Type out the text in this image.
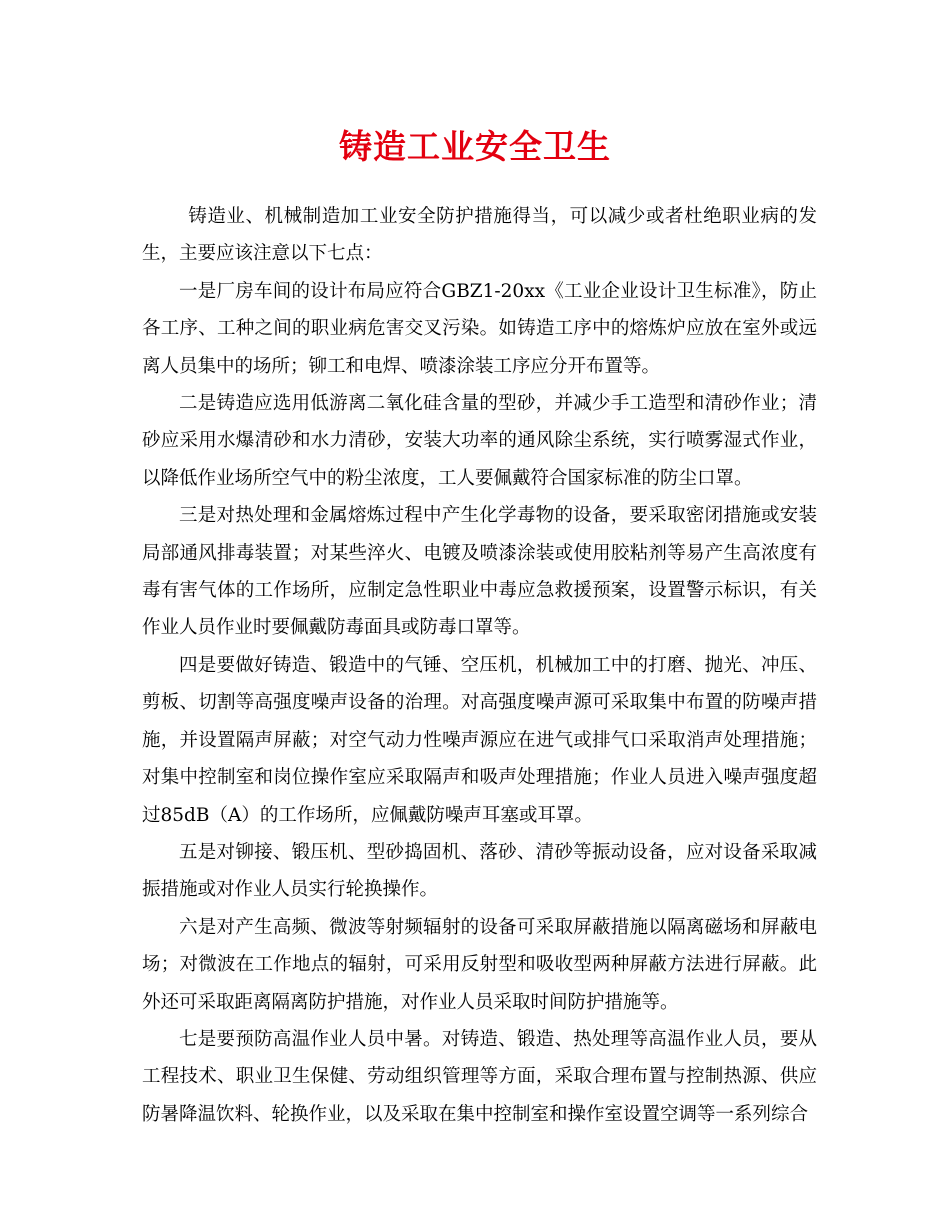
铸造工业安全卫生

铸造业、机械制造加工业安全防护措施得当，可以减少或者杜绝职业病的发生，主要应该注意以下七点：

一是厂房车间的设计布局应符合GBZ1-20xx《工业企业设计卫生标准》，防止各工序、工种之间的职业病危害交叉污染。如铸造工序中的熔炼炉应放在室外或远离人员集中的场所；铆工和电焊、喷漆涂装工序应分开布置等。

二是铸造应选用低游离二氧化硅含量的型砂，并减少手工造型和清砂作业；清砂应采用水爆清砂和水力清砂，安装大功率的通风除尘系统，实行喷雾湿式作业，以降低作业场所空气中的粉尘浓度，工人要佩戴符合国家标准的防尘口罩。

三是对热处理和金属熔炼过程中产生化学毒物的设备，要采取密闭措施或安装局部通风排毒装置；对某些淬火、电镀及喷漆涂装或使用胶粘剂等易产生高浓度有毒有害气体的工作场所，应制定急性职业中毒应急救援预案，设置警示标识，有关作业人员作业时要佩戴防毒面具或防毒口罩等。

四是要做好铸造、锻造中的气锤、空压机，机械加工中的打磨、抛光、冲压、剪板、切割等高强度噪声设备的治理。对高强度噪声源可采取集中布置的防噪声措施，并设置隔声屏蔽；对空气动力性噪声源应在进气或排气口采取消声处理措施；对集中控制室和岗位操作室应采取隔声和吸声处理措施；作业人员进入噪声强度超过85dB（A）的工作场所，应佩戴防噪声耳塞或耳罩。

五是对铆接、锻压机、型砂捣固机、落砂、清砂等振动设备，应对设备采取减振措施或对作业人员实行轮换操作。

六是对产生高频、微波等射频辐射的设备可采取屏蔽措施以隔离磁场和屏蔽电场；对微波在工作地点的辐射，可采用反射型和吸收型两种屏蔽方法进行屏蔽。此外还可采取距离隔离防护措施，对作业人员采取时间防护措施等。

七是要预防高温作业人员中暑。对铸造、锻造、热处理等高温作业人员，要从工程技术、职业卫生保健、劳动组织管理等方面，采取合理布置与控制热源、供应防暑降温饮料、轮换作业，以及采取在集中控制室和操作室设置空调等一系列综合
